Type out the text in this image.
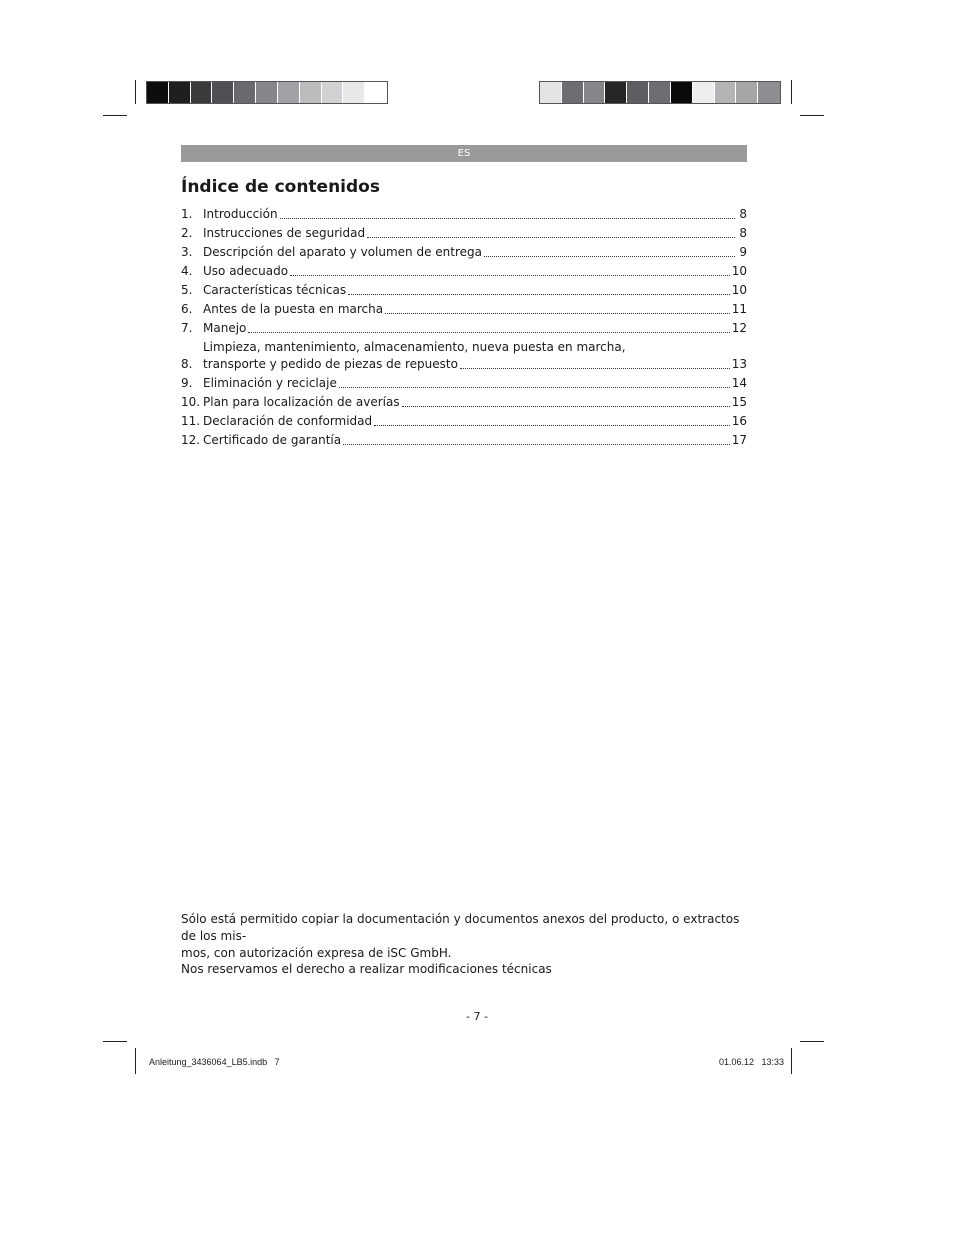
ES
Índice de contenidos
1. Introducción	8
2. Instrucciones de seguridad	8
3. Descripción del aparato y volumen de entrega	9
4. Uso adecuado	10
5. Características técnicas	10
6. Antes de la puesta en marcha	11
7. Manejo	12
8.
Limpieza, mantenimiento, almacenamiento, nueva puesta en marcha,
transporte y pedido de piezas de repuesto	13
9. Eliminación y reciclaje	14
10. Plan para localización de averías	15
11. Declaración de conformidad	16
12. Certificado de garantía	17

Sólo está permitido copiar la documentación y documentos anexos del producto, o extractos de los mis-
mos, con autorización expresa de iSC GmbH.

Nos reservamos el derecho a realizar modificaciones técnicas

- 7 -
Anleitung_3436064_LB5.indb   7	01.06.12   13:33
